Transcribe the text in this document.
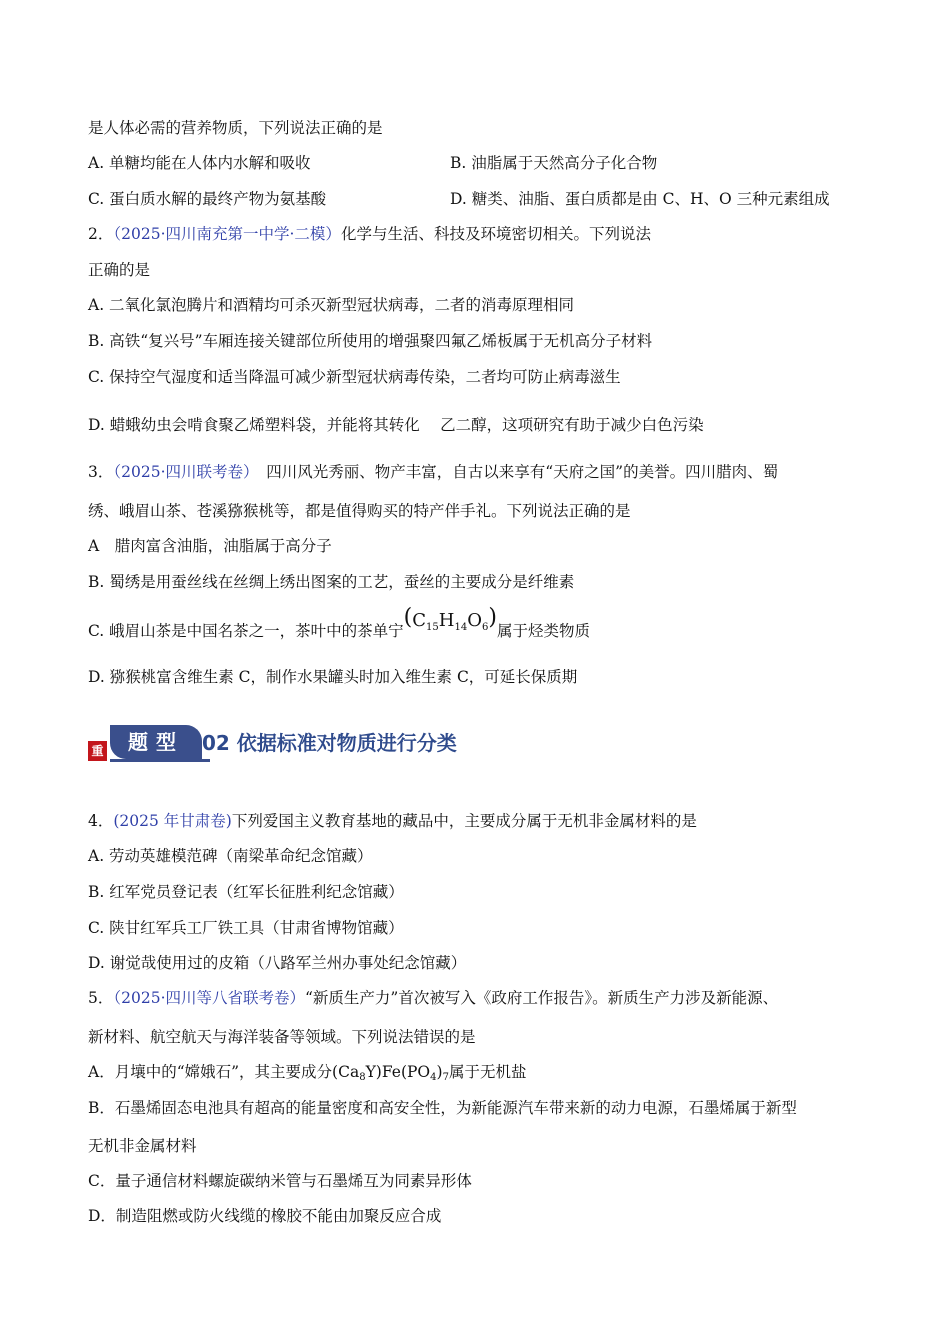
是人体必需的营养物质，下列说法正确的是
A. 单糖均能在人体内水解和吸收	B. 油脂属于天然高分子化合物
C. 蛋白质水解的最终产物为氨基酸	D. 糖类、油脂、蛋白质都是由 C、H、O 三种元素组成
2．（2025·四川南充第一中学·二模）化学与生活、科技及环境密切相关。下列说法
正确的是
A. 二氧化氯泡腾片和酒精均可杀灭新型冠状病毒，二者的消毒原理相同
B. 高铁“复兴号”车厢连接关键部位所使用的增强聚四氟乙烯板属于无机高分子材料
C. 保持空气湿度和适当降温可减少新型冠状病毒传染，二者均可防止病毒滋生
D. 蜡蛾幼虫会啃食聚乙烯塑料袋，并能将其转化　 乙二醇，这项研究有助于减少白色污染
3．（2025·四川联考卷）　四川风光秀丽、物产丰富，自古以来享有“天府之国”的美誉。四川腊肉、蜀
绣、峨眉山茶、苍溪猕猴桃等，都是值得购买的特产伴手礼。下列说法正确的是
A　腊肉富含油脂，油脂属于高分子
B. 蜀绣是用蚕丝线在丝绸上绣出图案的工艺，蚕丝的主要成分是纤维素
C. 峨眉山茶是中国名茶之一，茶叶中的茶单宁$(C_{15}H_{14}O_6)$属于烃类物质
D. 猕猴桃富含维生素 C，制作水果罐头时加入维生素 C，可延长保质期
重	题型 02 依据标准对物质进行分类
4．(2025 年甘肃卷)下列爱国主义教育基地的藏品中，主要成分属于无机非金属材料的是
A. 劳动英雄模范碑（南梁革命纪念馆藏）
B. 红军党员登记表（红军长征胜利纪念馆藏）
C. 陕甘红军兵工厂铁工具（甘肃省博物馆藏）
D. 谢觉哉使用过的皮箱（八路军兰州办事处纪念馆藏）
5．（2025·四川等八省联考卷）“新质生产力”首次被写入《政府工作报告》。新质生产力涉及新能源、
新材料、航空航天与海洋装备等领域。下列说法错误的是
A．月壤中的“嫦娥石”，其主要成分$(Ca_8Y)Fe(PO_4)_7$属于无机盐
B．石墨烯固态电池具有超高的能量密度和高安全性，为新能源汽车带来新的动力电源，石墨烯属于新型
无机非金属材料
C．量子通信材料螺旋碳纳米管与石墨烯互为同素异形体
D．制造阻燃或防火线缆的橡胶不能由加聚反应合成
